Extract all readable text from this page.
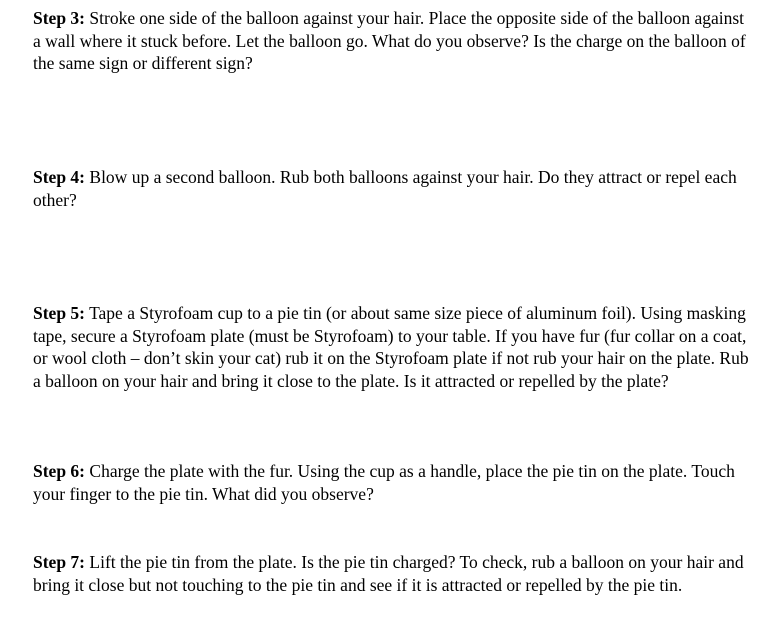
Step 3: Stroke one side of the balloon against your hair. Place the opposite side of the balloon against a wall where it stuck before. Let the balloon go. What do you observe? Is the charge on the balloon of the same sign or different sign?

Step 4: Blow up a second balloon. Rub both balloons against your hair. Do they attract or repel each other?

Step 5: Tape a Styrofoam cup to a pie tin (or about same size piece of aluminum foil). Using masking tape, secure a Styrofoam plate (must be Styrofoam) to your table. If you have fur (fur collar on a coat, or wool cloth – don’t skin your cat) rub it on the Styrofoam plate if not rub your hair on the plate. Rub a balloon on your hair and bring it close to the plate. Is it attracted or repelled by the plate?

Step 6: Charge the plate with the fur. Using the cup as a handle, place the pie tin on the plate. Touch your finger to the pie tin. What did you observe?

Step 7: Lift the pie tin from the plate. Is the pie tin charged? To check, rub a balloon on your hair and bring it close but not touching to the pie tin and see if it is attracted or repelled by the pie tin.
